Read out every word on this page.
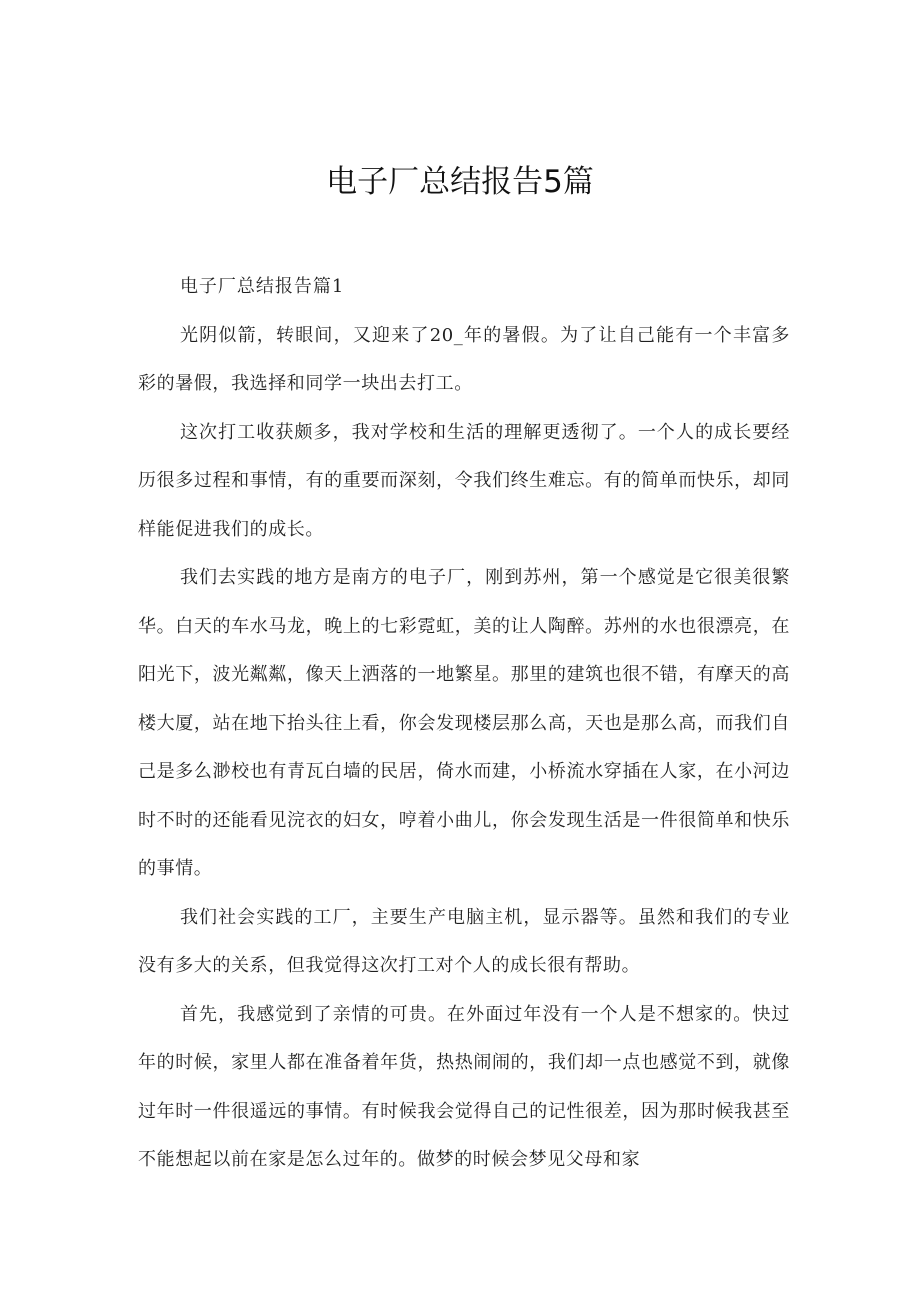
电子厂总结报告5篇

电子厂总结报告篇1

光阴似箭，转眼间，又迎来了20_年的暑假。为了让自己能有一个丰富多彩的暑假，我选择和同学一块出去打工。

这次打工收获颇多，我对学校和生活的理解更透彻了。一个人的成长要经历很多过程和事情，有的重要而深刻，令我们终生难忘。有的简单而快乐，却同样能促进我们的成长。

我们去实践的地方是南方的电子厂，刚到苏州，第一个感觉是它很美很繁华。白天的车水马龙，晚上的七彩霓虹，美的让人陶醉。苏州的水也很漂亮，在阳光下，波光粼粼，像天上洒落的一地繁星。那里的建筑也很不错，有摩天的高楼大厦，站在地下抬头往上看，你会发现楼层那么高，天也是那么高，而我们自己是多么渺校也有青瓦白墙的民居，倚水而建，小桥流水穿插在人家，在小河边时不时的还能看见浣衣的妇女，哼着小曲儿，你会发现生活是一件很简单和快乐的事情。

我们社会实践的工厂，主要生产电脑主机，显示器等。虽然和我们的专业没有多大的关系，但我觉得这次打工对个人的成长很有帮助。

首先，我感觉到了亲情的可贵。在外面过年没有一个人是不想家的。快过年的时候，家里人都在准备着年货，热热闹闹的，我们却一点也感觉不到，就像过年时一件很遥远的事情。有时候我会觉得自己的记性很差，因为那时候我甚至不能想起以前在家是怎么过年的。做梦的时候会梦见父母和家
